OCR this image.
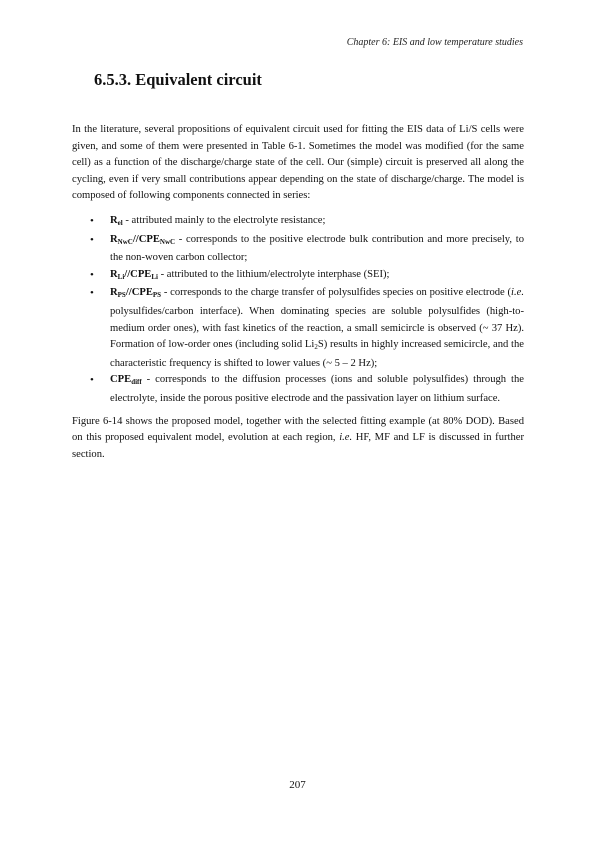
Chapter 6: EIS and low temperature studies
6.5.3. Equivalent circuit

In the literature, several propositions of equivalent circuit used for fitting the EIS data of Li/S cells were given, and some of them were presented in Table 6-1. Sometimes the model was modified (for the same cell) as a function of the discharge/charge state of the cell. Our (simple) circuit is preserved all along the cycling, even if very small contributions appear depending on the state of discharge/charge. The model is composed of following components connected in series:

• $R_{el}$ - attributed mainly to the electrolyte resistance;
• $R_{NwC}//CPE_{NwC}$ - corresponds to the positive electrode bulk contribution and more precisely, to the non-woven carbon collector;
• $R_{Li}//CPE_{Li}$ - attributed to the lithium/electrolyte interphase (SEI);
• $R_{PS}//CPE_{PS}$ - corresponds to the charge transfer of polysulfides species on positive electrode (i.e. polysulfides/carbon interface). When dominating species are soluble polysulfides (high-to-medium order ones), with fast kinetics of the reaction, a small semicircle is observed (~ 37 Hz). Formation of low-order ones (including solid $Li_2S$) results in highly increased semicircle, and the characteristic frequency is shifted to lower values (~ 5 – 2 Hz);
• $CPE_{diff}$ - corresponds to the diffusion processes (ions and soluble polysulfides) through the electrolyte, inside the porous positive electrode and the passivation layer on lithium surface.

Figure 6-14 shows the proposed model, together with the selected fitting example (at 80% DOD). Based on this proposed equivalent model, evolution at each region, i.e. HF, MF and LF is discussed in further section.

207
